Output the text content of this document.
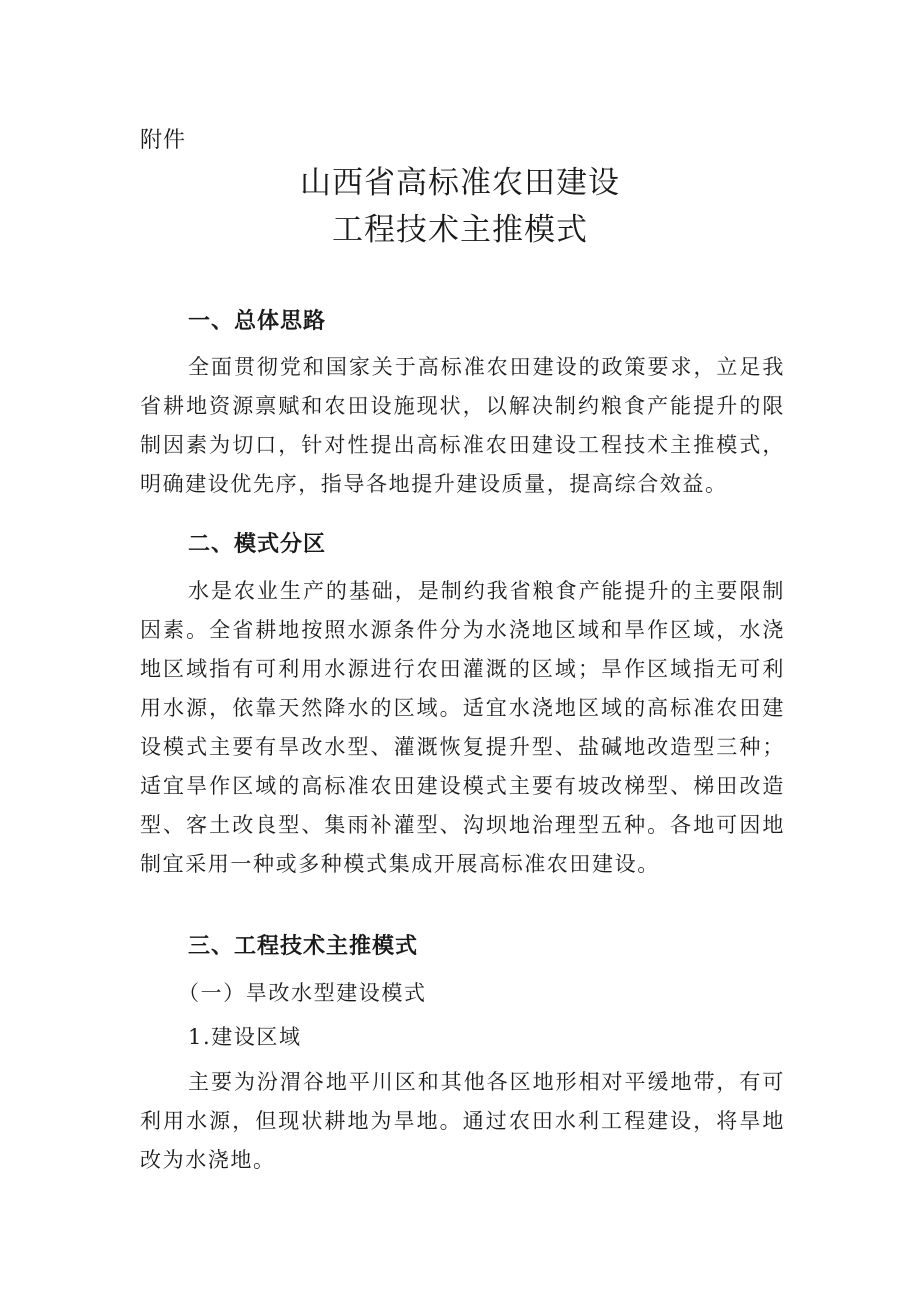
附件
山西省高标准农田建设
工程技术主推模式
一、总体思路
全面贯彻党和国家关于高标准农田建设的政策要求，立足我
省耕地资源禀赋和农田设施现状，以解决制约粮食产能提升的限
制因素为切口，针对性提出高标准农田建设工程技术主推模式，
明确建设优先序，指导各地提升建设质量，提高综合效益。
二、模式分区
水是农业生产的基础，是制约我省粮食产能提升的主要限制
因素。全省耕地按照水源条件分为水浇地区域和旱作区域，水浇
地区域指有可利用水源进行农田灌溉的区域；旱作区域指无可利
用水源，依靠天然降水的区域。适宜水浇地区域的高标准农田建
设模式主要有旱改水型、灌溉恢复提升型、盐碱地改造型三种；
适宜旱作区域的高标准农田建设模式主要有坡改梯型、梯田改造
型、客土改良型、集雨补灌型、沟坝地治理型五种。各地可因地
制宜采用一种或多种模式集成开展高标准农田建设。
三、工程技术主推模式
（一）旱改水型建设模式
1.建设区域
主要为汾渭谷地平川区和其他各区地形相对平缓地带，有可
利用水源，但现状耕地为旱地。通过农田水利工程建设，将旱地
改为水浇地。
